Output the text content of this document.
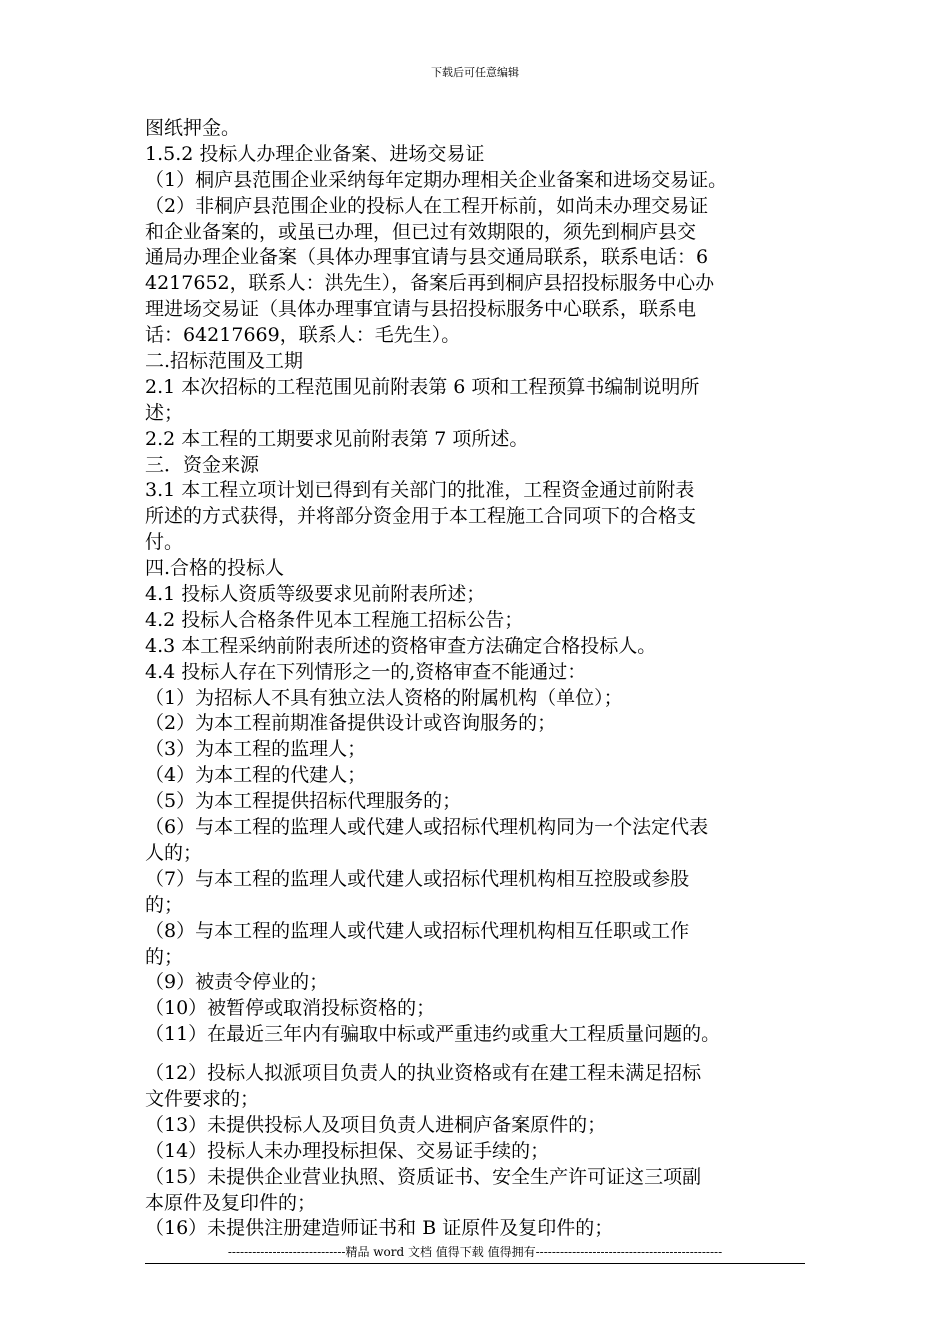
下载后可任意编辑
图纸押金。
1.5.2 投标人办理企业备案、进场交易证
（1）桐庐县范围企业采纳每年定期办理相关企业备案和进场交易证。
（2）非桐庐县范围企业的投标人在工程开标前，如尚未办理交易证
和企业备案的，或虽已办理，但已过有效期限的，须先到桐庐县交
通局办理企业备案（具体办理事宜请与县交通局联系，联系电话：6
4217652，联系人：洪先生），备案后再到桐庐县招投标服务中心办
理进场交易证（具体办理事宜请与县招投标服务中心联系，联系电
话：64217669，联系人：毛先生）。
二.招标范围及工期
2.1 本次招标的工程范围见前附表第 6 项和工程预算书编制说明所
述；
2.2 本工程的工期要求见前附表第 7 项所述。
三．资金来源
3.1 本工程立项计划已得到有关部门的批准，工程资金通过前附表
所述的方式获得，并将部分资金用于本工程施工合同项下的合格支
付。
四.合格的投标人
4.1 投标人资质等级要求见前附表所述；
4.2 投标人合格条件见本工程施工招标公告；
4.3 本工程采纳前附表所述的资格审查方法确定合格投标人。
4.4 投标人存在下列情形之一的,资格审查不能通过：
（1）为招标人不具有独立法人资格的附属机构（单位）；
（2）为本工程前期准备提供设计或咨询服务的；
（3）为本工程的监理人；
（4）为本工程的代建人；
（5）为本工程提供招标代理服务的；
（6）与本工程的监理人或代建人或招标代理机构同为一个法定代表
人的；
（7）与本工程的监理人或代建人或招标代理机构相互控股或参股
的；
（8）与本工程的监理人或代建人或招标代理机构相互任职或工作
的；
（9）被责令停业的；
（10）被暂停或取消投标资格的；
（11）在最近三年内有骗取中标或严重违约或重大工程质量问题的。
（12）投标人拟派项目负责人的执业资格或有在建工程未满足招标
文件要求的；
（13）未提供投标人及项目负责人进桐庐备案原件的；
（14）投标人未办理投标担保、交易证手续的；
（15）未提供企业营业执照、资质证书、安全生产许可证这三项副
本原件及复印件的；
（16）未提供注册建造师证书和 B 证原件及复印件的；
-----------------------------精品 word 文档 值得下载 值得拥有----------------------------------------------
